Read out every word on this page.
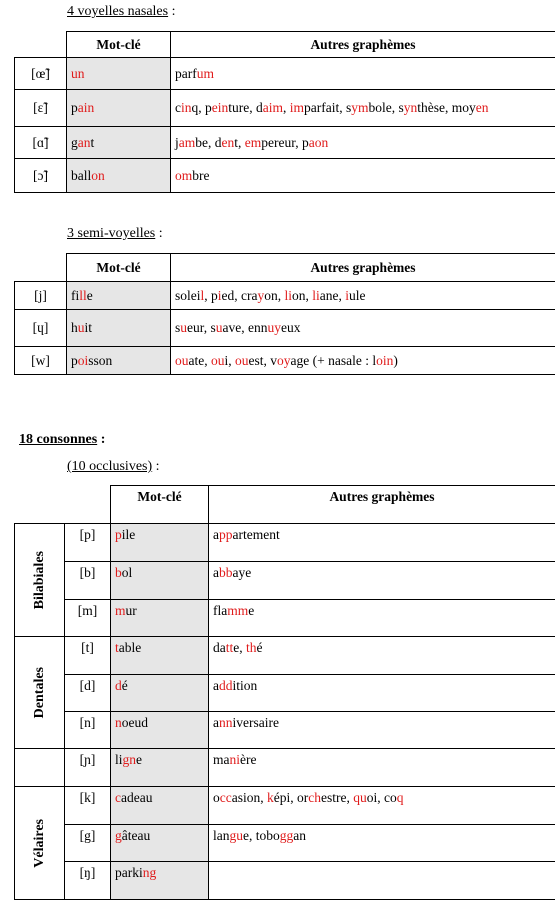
4 voyelles nasales :
	Mot-clé	Autres graphèmes
[œ̃]	un	parfum
[ɛ̃]	pain	cinq, peinture, daim, imparfait, symbole, synthèse, moyen
[ɑ̃]	gant	jambe, dent, empereur, paon
[ɔ̃]	ballon	ombre
3 semi-voyelles :
	Mot-clé	Autres graphèmes
[j]	fille	soleil, pied, crayon, lion, liane, iule
[ɥ]	huit	sueur, suave, ennuyeux
[w]	poisson	ouate, oui, ouest, voyage (+ nasale : loin)
18 consonnes :
(10 occlusives) :
		Mot-clé	Autres graphèmes

Bilabiales	[p]	pile	appartement
	[b]	bol	abbaye
	[m]	mur	flamme

Dentales	[t]	table	datte, thé
	[d]	dé	addition
	[n]	noeud	anniversaire
	[ɲ]	ligne	manière

Vélaires	[k]	cadeau	occasion, képi, orchestre, quoi, coq
	[g]	gâteau	langue, toboggan
	[ŋ]	parking	
